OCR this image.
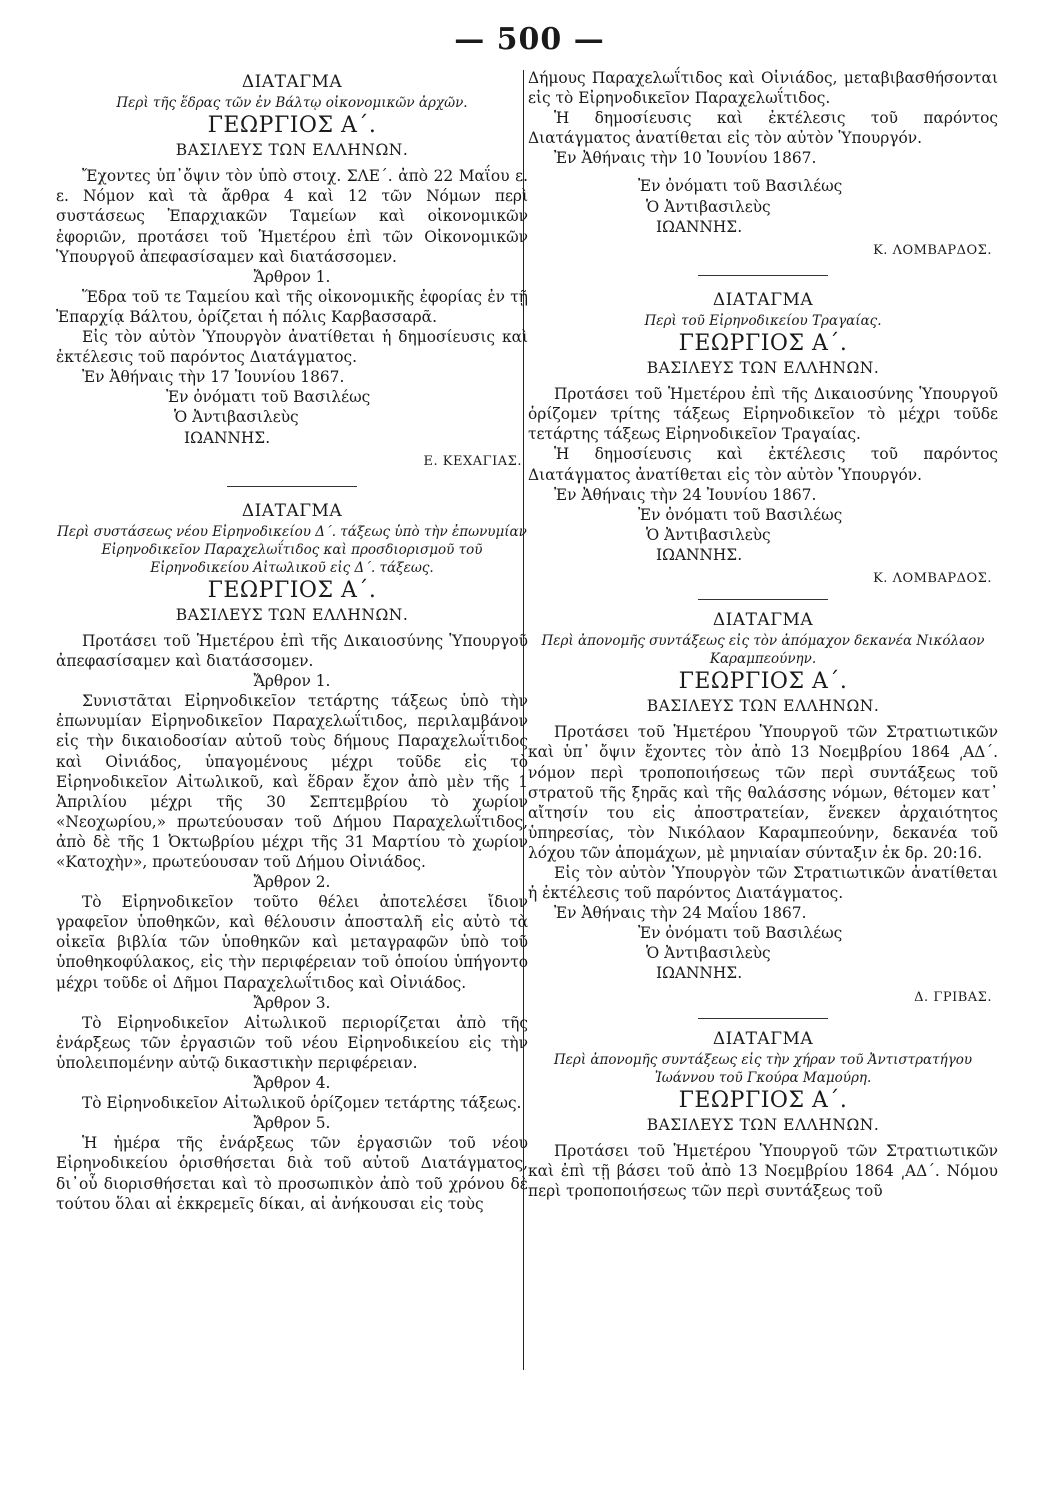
— 500 —
ΔΙΑΤΑΓΜΑ
Περὶ τῆς ἕδρας τῶν ἐν Βάλτῳ οἰκονομικῶν ἀρχῶν.
ΓΕΩΡΓΙΟΣ Α΄.
ΒΑΣΙΛΕΥΣ ΤΩΝ ΕΛΛΗΝΩΝ.

Ἔχοντες ὑπ᾽ὄψιν τὸν ὑπὸ στοιχ. ΣΛΕ΄. ἀπὸ 22 Μαΐου ε. ε. Νόμον καὶ τὰ ἄρθρα 4 καὶ 12 τῶν Νόμων περὶ συστάσεως Ἐπαρχιακῶν Ταμείων καὶ οἰκονομικῶν ἐφοριῶν, προτάσει τοῦ Ἡμετέρου ἐπὶ τῶν Οἰκονομικῶν Ὑπουργοῦ ἀπεφασίσαμεν καὶ διατάσσομεν.

Ἄρθρον 1.

Ἕδρα τοῦ τε Ταμείου καὶ τῆς οἰκονομικῆς ἐφορίας ἐν τῇ Ἐπαρχίᾳ Βάλτου, ὁρίζεται ἡ πόλις Καρβασσαρᾶ.

Εἰς τὸν αὐτὸν Ὑπουργὸν ἀνατίθεται ἡ δημοσίευσις καὶ ἐκτέλεσις τοῦ παρόντος Διατάγματος.

Ἐν Ἀθήναις τὴν 17 Ἰουνίου 1867.

Ἐν ὀνόματι τοῦ Βασιλέως
Ὁ Ἀντιβασιλεὺς
ΙΩΑΝΝΗΣ.
Ε. ΚΕΧΑΓΙΑΣ.
ΔΙΑΤΑΓΜΑ
Περὶ συστάσεως νέου Εἰρηνοδικείου Δ΄. τάξεως ὑπὸ τὴν ἐπωνυμίαν Εἰρηνοδικεῖον Παραχελωΐτιδος καὶ προσδιορισμοῦ τοῦ Εἰρηνοδικείου Αἰτωλικοῦ εἰς Δ΄. τάξεως.
ΓΕΩΡΓΙΟΣ Α΄.
ΒΑΣΙΛΕΥΣ ΤΩΝ ΕΛΛΗΝΩΝ.

Προτάσει τοῦ Ἡμετέρου ἐπὶ τῆς Δικαιοσύνης Ὑπουργοῦ ἀπεφασίσαμεν καὶ διατάσσομεν.

Ἄρθρον 1.

Συνιστᾶται Εἰρηνοδικεῖον τετάρτης τάξεως ὑπὸ τὴν ἐπωνυμίαν Εἰρηνοδικεῖον Παραχελωΐτιδος, περιλαμβάνον εἰς τὴν δικαιοδοσίαν αὐτοῦ τοὺς δήμους Παραχελωΐτιδος καὶ Οἰνιάδος, ὑπαγομένους μέχρι τοῦδε εἰς τὸ Εἰρηνοδικεῖον Αἰτωλικοῦ, καὶ ἕδραν ἔχον ἀπὸ μὲν τῆς 1 Ἀπριλίου μέχρι τῆς 30 Σεπτεμβρίου τὸ χωρίον «Νεοχωρίου,» πρωτεύουσαν τοῦ Δήμου Παραχελωΐτιδος, ἀπὸ δὲ τῆς 1 Ὀκτωβρίου μέχρι τῆς 31 Μαρτίου τὸ χωρίον «Κατοχὴν», πρωτεύουσαν τοῦ Δήμου Οἰνιάδος.

Ἄρθρον 2.

Τὸ Εἰρηνοδικεῖον τοῦτο θέλει ἀποτελέσει ἴδιον γραφεῖον ὑποθηκῶν, καὶ θέλουσιν ἀποσταλῆ εἰς αὐτὸ τὰ οἰκεῖα βιβλία τῶν ὑποθηκῶν καὶ μεταγραφῶν ὑπὸ τοῦ ὑποθηκοφύλακος, εἰς τὴν περιφέρειαν τοῦ ὁποίου ὑπήγοντο μέχρι τοῦδε οἱ Δῆμοι Παραχελωΐτιδος καὶ Οἰνιάδος.

Ἄρθρον 3.

Τὸ Εἰρηνοδικεῖον Αἰτωλικοῦ περιορίζεται ἀπὸ τῆς ἐνάρξεως τῶν ἐργασιῶν τοῦ νέου Εἰρηνοδικείου εἰς τὴν ὑπολειπομένην αὐτῷ δικαστικὴν περιφέρειαν.

Ἄρθρον 4.

Τὸ Εἰρηνοδικεῖον Αἰτωλικοῦ ὁρίζομεν τετάρτης τάξεως.

Ἄρθρον 5.

Ἡ ἡμέρα τῆς ἐνάρξεως τῶν ἐργασιῶν τοῦ νέου Εἰρηνοδικείου ὁρισθήσεται διὰ τοῦ αὐτοῦ Διατάγματος, δι᾽οὗ διορισθήσεται καὶ τὸ προσωπικὸν ἀπὸ τοῦ χρόνου δὲ τούτου ὅλαι αἱ ἐκκρεμεῖς δίκαι, αἱ ἀνήκουσαι εἰς τοὺς

Δήμους Παραχελωΐτιδος καὶ Οἰνιάδος, μεταβιβασθήσονται εἰς τὸ Εἰρηνοδικεῖον Παραχελωΐτιδος.

Ἡ δημοσίευσις καὶ ἐκτέλεσις τοῦ παρόντος Διατάγματος ἀνατίθεται εἰς τὸν αὐτὸν Ὑπουργόν.

Ἐν Ἀθήναις τὴν 10 Ἰουνίου 1867.

Ἐν ὀνόματι τοῦ Βασιλέως
Ὁ Ἀντιβασιλεὺς
ΙΩΑΝΝΗΣ.
Κ. ΛΟΜΒΑΡΔΟΣ.
ΔΙΑΤΑΓΜΑ
Περὶ τοῦ Εἰρηνοδικείου Τραγαίας.
ΓΕΩΡΓΙΟΣ Α΄.
ΒΑΣΙΛΕΥΣ ΤΩΝ ΕΛΛΗΝΩΝ.

Προτάσει τοῦ Ἡμετέρου ἐπὶ τῆς Δικαιοσύνης Ὑπουργοῦ ὁρίζομεν τρίτης τάξεως Εἰρηνοδικεῖον τὸ μέχρι τοῦδε τετάρτης τάξεως Εἰρηνοδικεῖον Τραγαίας.

Ἡ δημοσίευσις καὶ ἐκτέλεσις τοῦ παρόντος Διατάγματος ἀνατίθεται εἰς τὸν αὐτὸν Ὑπουργόν.

Ἐν Ἀθήναις τὴν 24 Ἰουνίου 1867.

Ἐν ὀνόματι τοῦ Βασιλέως
Ὁ Ἀντιβασιλεὺς
ΙΩΑΝΝΗΣ.
Κ. ΛΟΜΒΑΡΔΟΣ.
ΔΙΑΤΑΓΜΑ
Περὶ ἀπονομῆς συντάξεως εἰς τὸν ἀπόμαχον δεκανέα Νικόλαον Καραμπεούνην.
ΓΕΩΡΓΙΟΣ Α΄.
ΒΑΣΙΛΕΥΣ ΤΩΝ ΕΛΛΗΝΩΝ.

Προτάσει τοῦ Ἡμετέρου Ὑπουργοῦ τῶν Στρατιωτικῶν καὶ ὑπ᾽ ὄψιν ἔχοντες τὸν ἀπὸ 13 Νοεμβρίου 1864 ͵ΑΔ΄. νόμον περὶ τροποποιήσεως τῶν περὶ συντάξεως τοῦ στρατοῦ τῆς ξηρᾶς καὶ τῆς θαλάσσης νόμων, θέτομεν κατ᾽ αἴτησίν του εἰς ἀποστρατείαν, ἕνεκεν ἀρχαιότητος ὑπηρεσίας, τὸν Νικόλαον Καραμπεούνην, δεκανέα τοῦ λόχου τῶν ἀπομάχων, μὲ μηνιαίαν σύνταξιν ἐκ δρ. 20:16.

Εἰς τὸν αὐτὸν Ὑπουργὸν τῶν Στρατιωτικῶν ἀνατίθεται ἡ ἐκτέλεσις τοῦ παρόντος Διατάγματος.

Ἐν Ἀθήναις τὴν 24 Μαΐου 1867.

Ἐν ὀνόματι τοῦ Βασιλέως
Ὁ Ἀντιβασιλεὺς
ΙΩΑΝΝΗΣ.
Δ. ΓΡΙΒΑΣ.
ΔΙΑΤΑΓΜΑ
Περὶ ἀπονομῆς συντάξεως εἰς τὴν χήραν τοῦ Ἀντιστρατήγου Ἰωάννου τοῦ Γκούρα Μαμούρη.
ΓΕΩΡΓΙΟΣ Α΄.
ΒΑΣΙΛΕΥΣ ΤΩΝ ΕΛΛΗΝΩΝ.

Προτάσει τοῦ Ἡμετέρου Ὑπουργοῦ τῶν Στρατιωτικῶν καὶ ἐπὶ τῇ βάσει τοῦ ἀπὸ 13 Νοεμβρίου 1864 ͵ΑΔ΄. Νόμου περὶ τροποποιήσεως τῶν περὶ συντάξεως τοῦ
